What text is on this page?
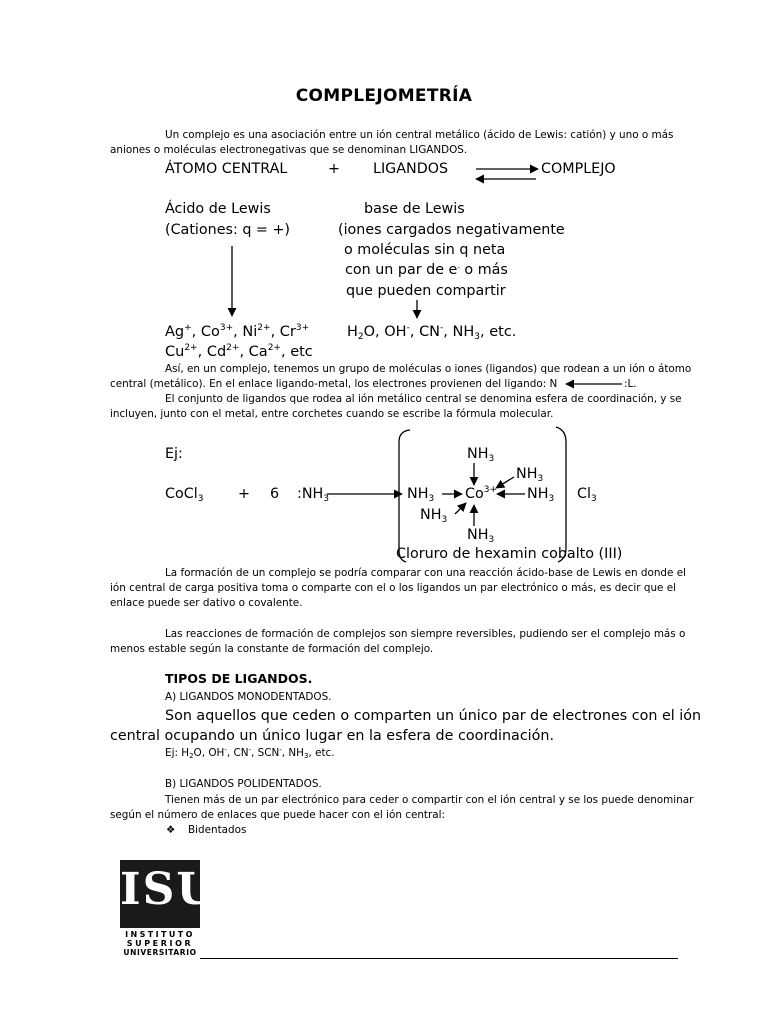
COMPLEJOMETRÍA
Un complejo es una asociación entre un ión central metálico (ácido de Lewis: catión) y uno o más
aniones o moléculas electronegativas que se denominan LIGANDOS.
ÁTOMO CENTRAL	+ LIGANDOS	COMPLEJO
Ácido de Lewis	base de Lewis
(Cationes: q = +)	(iones cargados negativamente
o moléculas sin q neta
con un par de e- o más
que pueden compartir
Ag+, $Co^{3+}$, $Ni^{2+}$, $Cr^{3+}$
$Cu^{2+}$, $Cd^{2+}$, $Ca^{2+}$, etc
$H_2O$, OH-, CN-, $NH_3$, etc.
Así, en un complejo, tenemos un grupo de moléculas o iones (ligandos) que rodean a un ión o átomo
central (metálico). En el enlace ligando-metal, los electrones provienen del ligando: N	:L.
El conjunto de ligandos que rodea al ión metálico central se denomina esfera de coordinación, y se
incluyen, junto con el metal, entre corchetes cuando se escribe la fórmula molecular.
Ej:
CoCl$_3$ + 6 $:NH_3$
$NH_3$
$NH_3$
$NH_3$ $Co^{3+}$ $NH_3$ $Cl_3$
$NH_3$
$NH_3$
Cloruro de hexamin cobalto (III)
La formación de un complejo se podría comparar con una reacción ácido-base de Lewis en donde el
ión central de carga positiva toma o comparte con el o los ligandos un par electrónico o más, es decir que el
enlace puede ser dativo o covalente.
Las reacciones de formación de complejos son siempre reversibles, pudiendo ser el complejo más o
menos estable según la constante de formación del complejo.
TIPOS DE LIGANDOS.
A) LIGANDOS MONODENTADOS.
Son aquellos que ceden o comparten un único par de electrones con el ión
central ocupando un único lugar en la esfera de coordinación.
Ej: $H_2O$, OH-, CN-, SCN-, $NH_3$, etc.
B) LIGANDOS POLIDENTADOS.
Tienen más de un par electrónico para ceder o compartir con el ión central y se los puede denominar
según el número de enlaces que puede hacer con el ión central:
❖ Bidentados
ISU
INSTITUTO
SUPERIOR
UNIVERSITARIO
